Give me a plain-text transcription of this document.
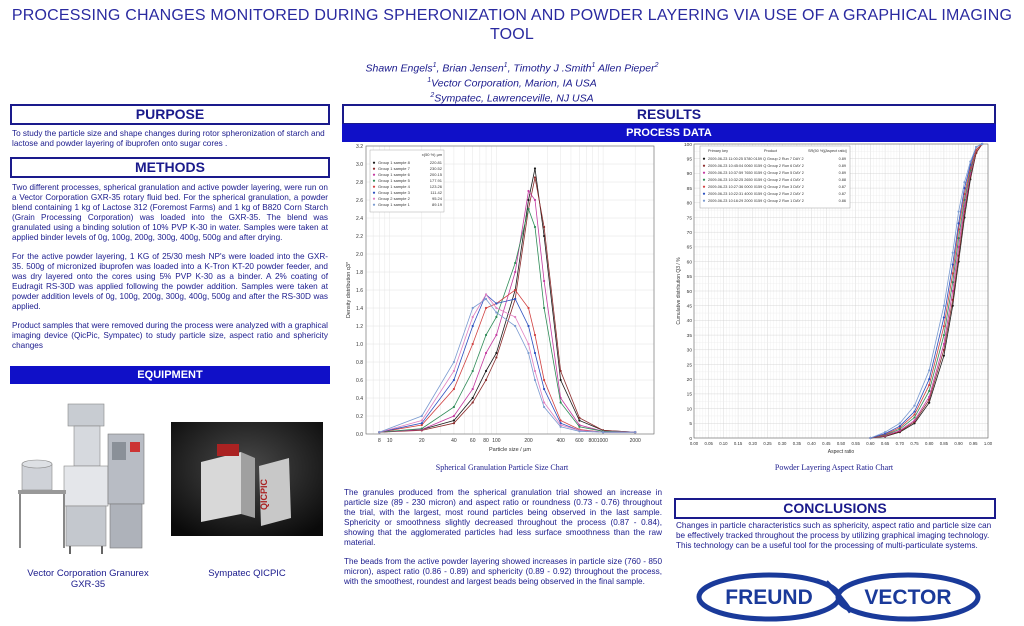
PROCESSING CHANGES MONITORED DURING SPHERONIZATION AND POWDER LAYERING VIA USE OF A GRAPHICAL IMAGING TOOL
Shawn Engels$^1$, Brian Jensen$^1$, Timothy J .Smith$^1$ Allen Pieper$^2$
$^1$Vector Corporation, Marion, IA USA
$^2$Sympatec, Lawrenceville, NJ USA
PURPOSE
To study the particle size and shape changes during rotor spheronization of starch and lactose and powder layering of ibuprofen onto sugar cores .
METHODS

Two different processes, spherical granulation and active powder layering, were run on a Vector Corporation GXR-35 rotary fluid bed. For the spherical granulation, a powder blend containing 1 kg of Lactose 312 (Foremost Farms) and 1 kg of B820 Corn Starch (Grain Processing Corporation) was loaded into the GXR-35. The blend was granulated using a binding solution of 10% PVP K-30 in water. Samples were taken at applied binder levels of 0g, 100g, 200g, 300g, 400g, 500g and after drying.

For the active powder layering, 1 KG of 25/30 mesh NP's were loaded into the GXR-35. 500g of micronized ibuprofen was loaded into a K-Tron KT-20 powder feeder, and was dry layered onto the cores using 5% PVP K-30 as a binder. A 2% coating of Eudragit RS-30D was applied following the powder addition. Samples were taken at powder addition levels of 0g, 100g, 200g, 300g, 400g, 500g and after the RS-30D was applied.

Product samples that were removed during the process were analyzed with a graphical imaging device (QicPic, Sympatec) to study particle size, aspect ratio and sphericity changes

EQUIPMENT
Vector Corporation Granurex
GXR-35
QICPIC
Sympatec QICPIC
RESULTS
PROCESS DATA
0.0
0.2
0.4
0.6
0.8
1.0
1.2
1.4
1.6
1.8
2.0
2.2
2.4
2.6
2.8
3.0
3.2
8 10	20	40	60 80 100	200	400 600 8001000	2000
Particle size / µm
Density distribution q3*
x(50 %) µm
Group 1 sample 8	220.81
Group 1 sample 7	230.52
Group 1 sample 6	200.15
Group 1 sample 5	177.91
Group 1 sample 4	123.26
Group 1 sample 3	111.42
Group 2 sample 2	95.24
Group 1 sample 1	89.19
Spherical Granulation Particle Size Chart
0
5
10
15
20
25
30
35
40
45
50
55
60
65
70
75
80
85
90
95
100
0.00 0.05 0.10 0.15 0.20 0.25 0.30 0.35 0.40 0.45 0.50 0.55 0.60 0.65 0.70 0.75 0.80 0.85 0.90 0.95 1.00
Aspect ratio
Cumulative distribution Q3 / %
Primary key	Product	SR(50 %)[Aspect ratio]
2009-06-23 11:00:25 5780 0159 Q Group 2 Run 7 DAY 2	0.89
2009-06-23 10:45:04 0060 0159 Q Group 2 Run 6 DAY 2	0.89
2009-06-23 10:37:59 7650 0159 Q Group 2 Run 5 DAY 2	0.89
2009-06-23 10:32:25 2650 0159 Q Group 2 Run 4 DAY 2	0.88
2009-06-23 10:27:36 0000 0159 Q Group 2 Run 3 DAY 2	0.87
2009-06-23 10:22:31 4000 0159 Q Group 2 Run 2 DAY 2	0.87
2009-06-23 10:16:29 2000 0159 Q Group 2 Run 1 DAY 2	0.86
Powder Layering Aspect Ratio Chart

The granules produced from the spherical granulation trial showed an increase in particle size (89 - 230 micron) and aspect ratio or roundness (0.73 - 0.76) throughout the trial, with the largest, most round particles being observed in the last sample. Sphericity or smoothness slightly decreased throughout the process (0.87 - 0.84), showing that the agglomerated particles had less surface smoothness than the raw material.

The beads from the active powder layering showed increases in particle size (760 - 850 micron), aspect ratio (0.86 - 0.89) and sphericity (0.89 - 0.92) throughout the process, with the smoothest, roundest and largest beads being observed in the final sample.

CONCLUSIONS
Changes in particle characteristics such as sphericity, aspect ratio and particle size can be effectively tracked throughout the process by utilizing graphical imaging technology. This technology can be a useful tool for the processing of multi-particulate systems.
FREUND VECTOR
